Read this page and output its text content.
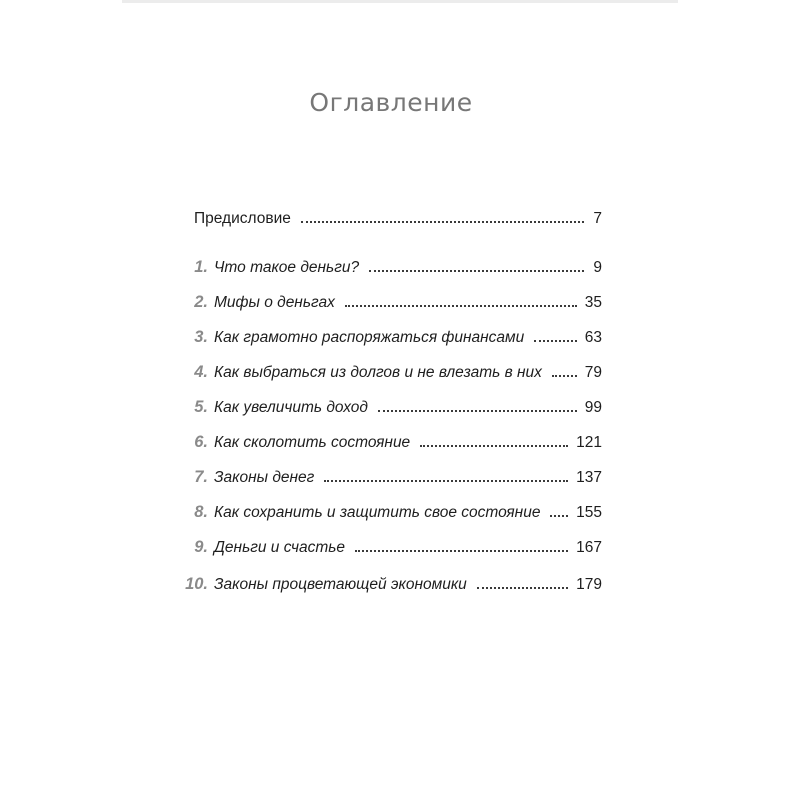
Оглавление
Предисловие	7
1. Что такое деньги?	9
2. Мифы о деньгах	35
3. Как грамотно распоряжаться финансами	63
4. Как выбраться из долгов и не влезать в них	79
5. Как увеличить доход	99
6. Как сколотить состояние	121
7. Законы денег	137
8. Как сохранить и защитить свое состояние 155
9. Деньги и счастье	167
10. Законы процветающей экономики	179
